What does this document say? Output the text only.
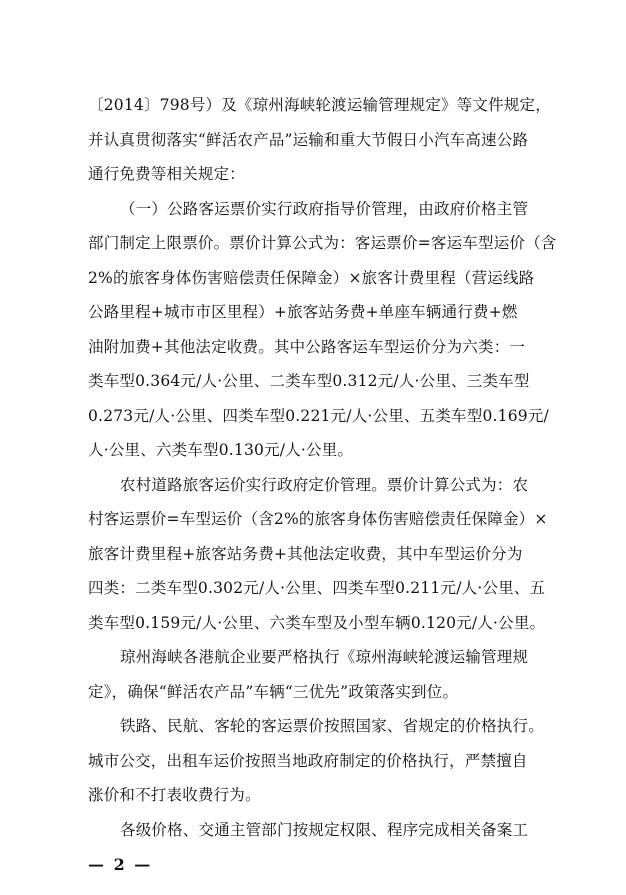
〔2014〕798号）及《琼州海峡轮渡运输管理规定》等文件规定，
并认真贯彻落实“鲜活农产品”运输和重大节假日小汽车高速公路
通行免费等相关规定：
（一）公路客运票价实行政府指导价管理，由政府价格主管
部门制定上限票价。票价计算公式为：客运票价=客运车型运价（含
2%的旅客身体伤害赔偿责任保障金）×旅客计费里程（营运线路
公路里程+城市市区里程）+旅客站务费+单座车辆通行费+燃
油附加费+其他法定收费。其中公路客运车型运价分为六类：一
类车型0.364元/人·公里、二类车型0.312元/人·公里、三类车型
0.273元/人·公里、四类车型0.221元/人·公里、五类车型0.169元/
人·公里、六类车型0.130元/人·公里。
农村道路旅客运价实行政府定价管理。票价计算公式为：农
村客运票价=车型运价（含2%的旅客身体伤害赔偿责任保障金）×
旅客计费里程+旅客站务费+其他法定收费，其中车型运价分为
四类：二类车型0.302元/人·公里、四类车型0.211元/人·公里、五
类车型0.159元/人·公里、六类车型及小型车辆0.120元/人·公里。
琼州海峡各港航企业要严格执行《琼州海峡轮渡运输管理规
定》，确保“鲜活农产品”车辆“三优先”政策落实到位。
铁路、民航、客轮的客运票价按照国家、省规定的价格执行。
城市公交，出租车运价按照当地政府制定的价格执行，严禁擅自
涨价和不打表收费行为。
各级价格、交通主管部门按规定权限、程序完成相关备案工
— 2 —
